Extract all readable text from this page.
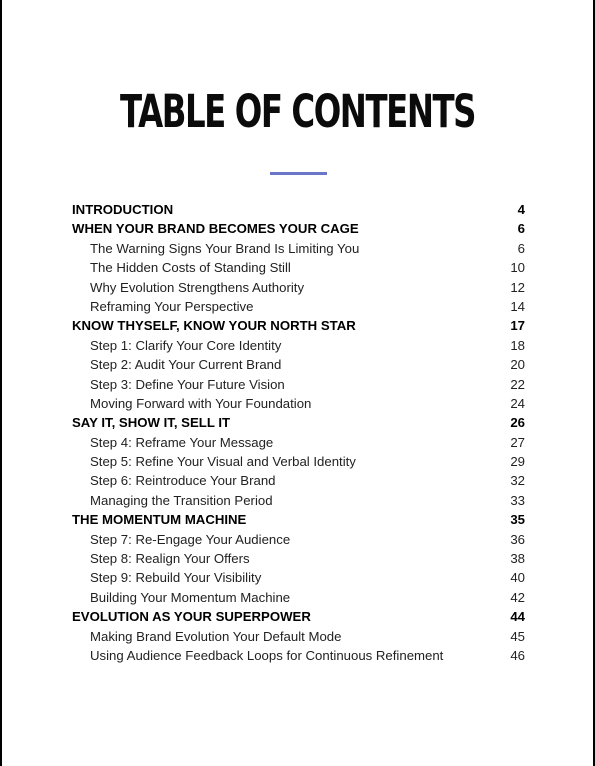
TABLE OF CONTENTS
INTRODUCTION	4
WHEN YOUR BRAND BECOMES YOUR CAGE	6
The Warning Signs Your Brand Is Limiting You	6
The Hidden Costs of Standing Still	10
Why Evolution Strengthens Authority	12
Reframing Your Perspective	14
KNOW THYSELF, KNOW YOUR NORTH STAR	17
Step 1: Clarify Your Core Identity	18
Step 2: Audit Your Current Brand	20
Step 3: Define Your Future Vision	22
Moving Forward with Your Foundation	24
SAY IT, SHOW IT, SELL IT	26
Step 4: Reframe Your Message	27
Step 5: Refine Your Visual and Verbal Identity	29
Step 6: Reintroduce Your Brand	32
Managing the Transition Period	33
THE MOMENTUM MACHINE	35
Step 7: Re-Engage Your Audience	36
Step 8: Realign Your Offers	38
Step 9: Rebuild Your Visibility	40
Building Your Momentum Machine	42
EVOLUTION AS YOUR SUPERPOWER	44
Making Brand Evolution Your Default Mode	45
Using Audience Feedback Loops for Continuous Refinement	46
